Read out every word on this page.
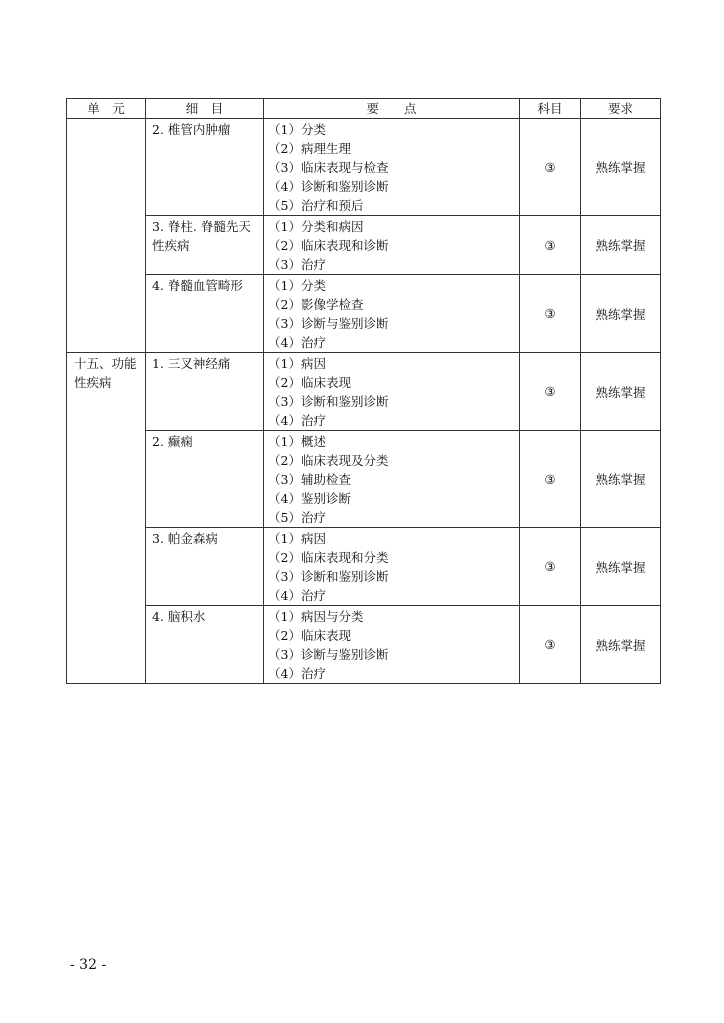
单　元	细　目	要　　点	科目	要求
	2. 椎管内肿瘤	（1）分类
（2）病理生理
（3）临床表现与检查
（4）诊断和鉴别诊断
（5）治疗和预后	③	熟练掌握
	3. 脊柱. 脊髓先天性疾病	（1）分类和病因
（2）临床表现和诊断
（3）治疗	③	熟练掌握
	4. 脊髓血管畸形	（1）分类
（2）影像学检查
（3）诊断与鉴别诊断
（4）治疗	③	熟练掌握
十五、功能性疾病	1. 三叉神经痛	（1）病因
（2）临床表现
（3）诊断和鉴别诊断
（4）治疗	③	熟练掌握
	2. 癫痫	（1）概述
（2）临床表现及分类
（3）辅助检查
（4）鉴别诊断
（5）治疗	③	熟练掌握
	3. 帕金森病	（1）病因
（2）临床表现和分类
（3）诊断和鉴别诊断
（4）治疗	③	熟练掌握
	4. 脑积水	（1）病因与分类
（2）临床表现
（3）诊断与鉴别诊断
（4）治疗	③	熟练掌握
- 32 -
